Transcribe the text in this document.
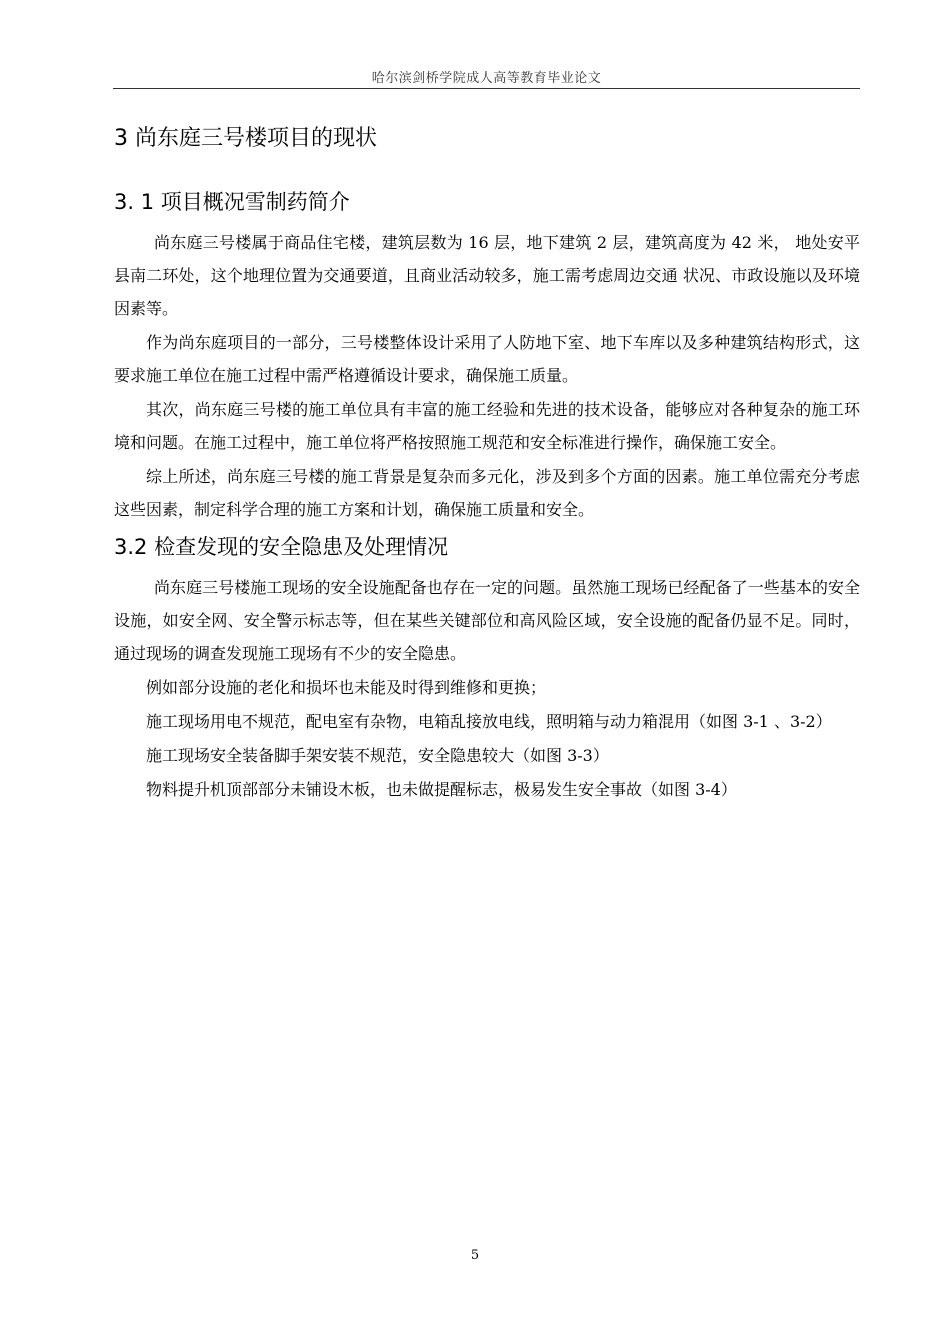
哈尔滨剑桥学院成人高等教育毕业论文
3 尚东庭三号楼项目的现状
3. 1 项目概况雪制药简介

尚东庭三号楼属于商品住宅楼，建筑层数为 16 层，地下建筑 2 层，建筑高度为 42 米， 地处安平县南二环处，这个地理位置为交通要道，且商业活动较多，施工需考虑周边交通 状况、市政设施以及环境因素等。

作为尚东庭项目的一部分，三号楼整体设计采用了人防地下室、地下车库以及多种建筑结构形式，这要求施工单位在施工过程中需严格遵循设计要求，确保施工质量。

其次，尚东庭三号楼的施工单位具有丰富的施工经验和先进的技术设备，能够应对各种复杂的施工环境和问题。在施工过程中，施工单位将严格按照施工规范和安全标准进行操作，确保施工安全。

综上所述，尚东庭三号楼的施工背景是复杂而多元化，涉及到多个方面的因素。施工单位需充分考虑这些因素，制定科学合理的施工方案和计划，确保施工质量和安全。

3.2 检查发现的安全隐患及处理情况

尚东庭三号楼施工现场的安全设施配备也存在一定的问题。虽然施工现场已经配备了一些基本的安全设施，如安全网、安全警示标志等，但在某些关键部位和高风险区域，安全设施的配备仍显不足。同时，通过现场的调查发现施工现场有不少的安全隐患。

例如部分设施的老化和损坏也未能及时得到维修和更换；

施工现场用电不规范，配电室有杂物，电箱乱接放电线，照明箱与动力箱混用（如图 3-1 、3-2）

施工现场安全装备脚手架安装不规范，安全隐患较大（如图 3-3）

物料提升机顶部部分未铺设木板，也未做提醒标志，极易发生安全事故（如图 3-4）

5
